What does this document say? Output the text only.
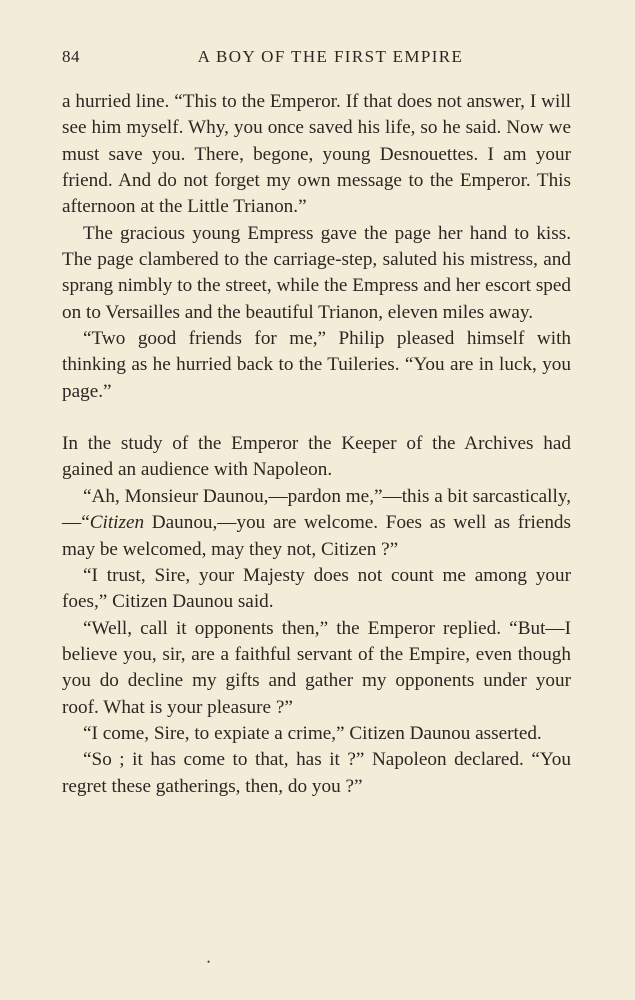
84	A BOY OF THE FIRST EMPIRE

a hurried line. “This to the Emperor. If that does not answer, I will see him myself. Why, you once saved his life, so he said. Now we must save you. There, begone, young Desnouettes. I am your friend. And do not forget my own message to the Emperor. This afternoon at the Little Trianon.”

The gracious young Empress gave the page her hand to kiss. The page clambered to the carriage-step, saluted his mistress, and sprang nimbly to the street, while the Empress and her escort sped on to Versailles and the beautiful Trianon, eleven miles away.

“Two good friends for me,” Philip pleased himself with thinking as he hurried back to the Tuileries. “You are in luck, you page.”

In the study of the Emperor the Keeper of the Archives had gained an audience with Napoleon.

“Ah, Monsieur Daunou,—pardon me,”—this a bit sarcastically,—“Citizen Daunou,—you are welcome. Foes as well as friends may be welcomed, may they not, Citizen ?”

“I trust, Sire, your Majesty does not count me among your foes,” Citizen Daunou said.

“Well, call it opponents then,” the Emperor replied. “But—I believe you, sir, are a faithful servant of the Empire, even though you do decline my gifts and gather my opponents under your roof. What is your pleasure ?”

“I come, Sire, to expiate a crime,” Citizen Daunou asserted.

“So ; it has come to that, has it ?” Napoleon declared. “You regret these gatherings, then, do you ?”

•
